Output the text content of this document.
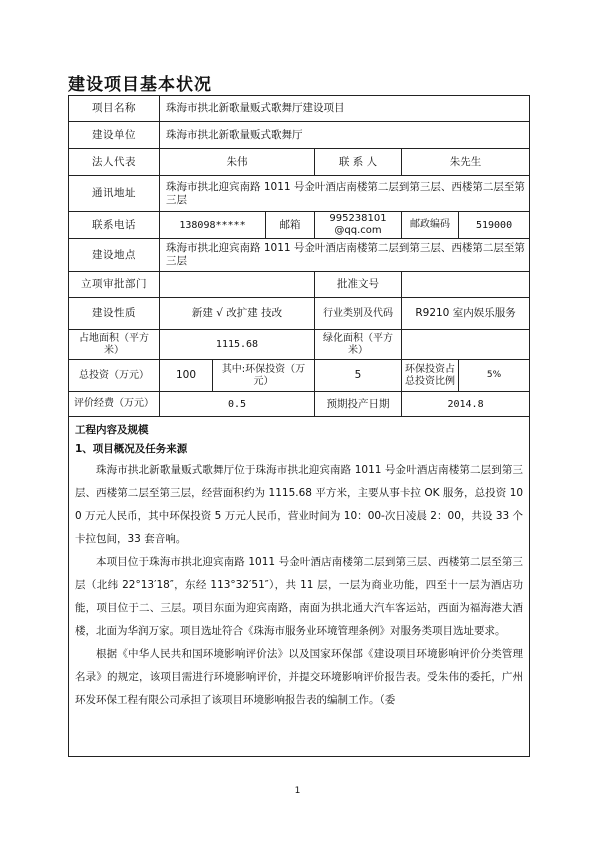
建设项目基本状况
项目名称	珠海市拱北新歌量贩式歌舞厅建设项目					
建设单位	珠海市拱北新歌量贩式歌舞厅					
法人代表	朱伟			联 系 人	朱先生	
通讯地址	珠海市拱北迎宾南路 1011 号金叶酒店南楼第二层到第三层、西楼第二层至第三层					
联系电话	138098*****		邮箱	995238101 @qq.com	邮政编码	519000
建设地点	珠海市拱北迎宾南路 1011 号金叶酒店南楼第二层到第三层、西楼第二层至第三层					
立项审批部门				批准文号		
建设性质	新建 √ 改扩建 技改			行业类别及代码	R9210 室内娱乐服务	
占地面积（平方米）	1115.68			绿化面积（平方米）		
总投资（万元）	100	其中:环保投资（万元）		5	环保投资占总投资比例	5%
评价经费（万元）	0.5			预期投产日期	2014.8	

工程内容及规模
1、项目概况及任务来源

珠海市拱北新歌量贩式歌舞厅位于珠海市拱北迎宾南路 1011 号金叶酒店南楼第二层到第三层、西楼第二层至第三层，经营面积约为 1115.68 平方米，主要从事卡拉 OK 服务，总投资 100 万元人民币，其中环保投资 5 万元人民币，营业时间为 10：00-次日凌晨 2：00，共设 33 个卡拉包间，33 套音响。

本项目位于珠海市拱北迎宾南路 1011 号金叶酒店南楼第二层到第三层、西楼第二层至第三层（北纬 22°13′18″，东经 113°32′51″），共 11 层，一层为商业功能，四至十一层为酒店功能，项目位于二、三层。项目东面为迎宾南路，南面为拱北通大汽车客运站，西面为福海港大酒楼，北面为华润万家。项目选址符合《珠海市服务业环境管理条例》对服务类项目选址要求。

根据《中华人民共和国环境影响评价法》以及国家环保部《建设项目环境影响评价分类管理名录》的规定，该项目需进行环境影响评价，并提交环境影响评价报告表。受朱伟的委托，广州环发环保工程有限公司承担了该项目环境影响报告表的编制工作。（委						

1
